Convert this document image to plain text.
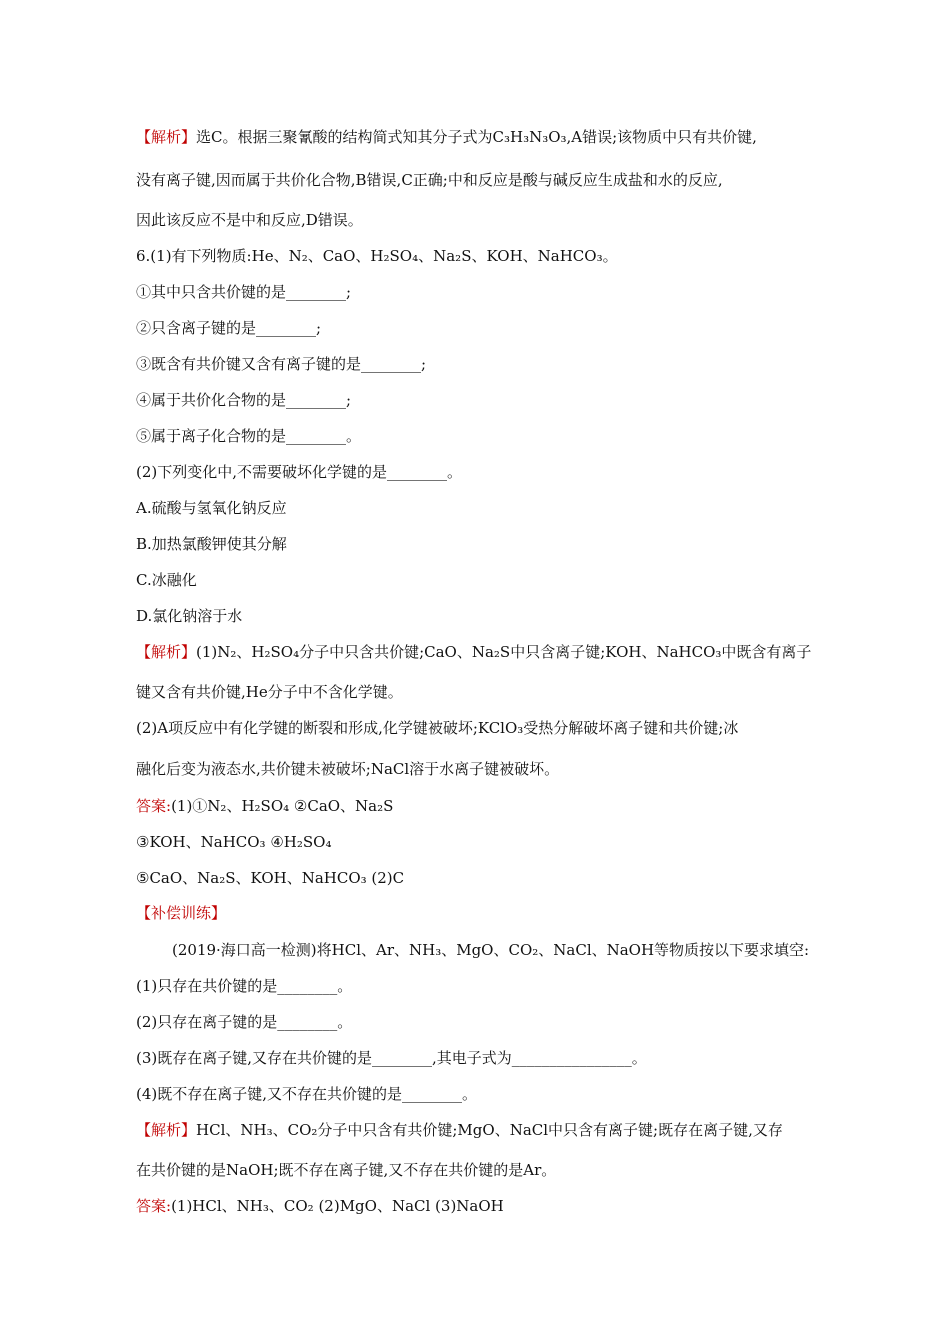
【解析】选C。根据三聚氰酸的结构简式知其分子式为C₃H₃N₃O₃,A错误;该物质中只有共价键,
没有离子键,因而属于共价化合物,B错误,C正确;中和反应是酸与碱反应生成盐和水的反应,
因此该反应不是中和反应,D错误。
6.(1)有下列物质:He、N₂、CaO、H₂SO₄、Na₂S、KOH、NaHCO₃。
①其中只含共价键的是________;
②只含离子键的是________;
③既含有共价键又含有离子键的是________;
④属于共价化合物的是________;
⑤属于离子化合物的是________。
(2)下列变化中,不需要破坏化学键的是________。
A.硫酸与氢氧化钠反应
B.加热氯酸钾使其分解
C.冰融化
D.氯化钠溶于水
【解析】(1)N₂、H₂SO₄分子中只含共价键;CaO、Na₂S中只含离子键;KOH、NaHCO₃中既含有离子
键又含有共价键,He分子中不含化学键。
(2)A项反应中有化学键的断裂和形成,化学键被破坏;KClO₃受热分解破坏离子键和共价键;冰
融化后变为液态水,共价键未被破坏;NaCl溶于水离子键被破坏。
答案:(1)①N₂、H₂SO₄ ②CaO、Na₂S
③KOH、NaHCO₃ ④H₂SO₄
⑤CaO、Na₂S、KOH、NaHCO₃ (2)C
【补偿训练】
(2019·海口高一检测)将HCl、Ar、NH₃、MgO、CO₂、NaCl、NaOH等物质按以下要求填空:
(1)只存在共价键的是________。
(2)只存在离子键的是________。
(3)既存在离子键,又存在共价键的是________,其电子式为________________。
(4)既不存在离子键,又不存在共价键的是________。
【解析】HCl、NH₃、CO₂分子中只含有共价键;MgO、NaCl中只含有离子键;既存在离子键,又存
在共价键的是NaOH;既不存在离子键,又不存在共价键的是Ar。
答案:(1)HCl、NH₃、CO₂ (2)MgO、NaCl (3)NaOH
